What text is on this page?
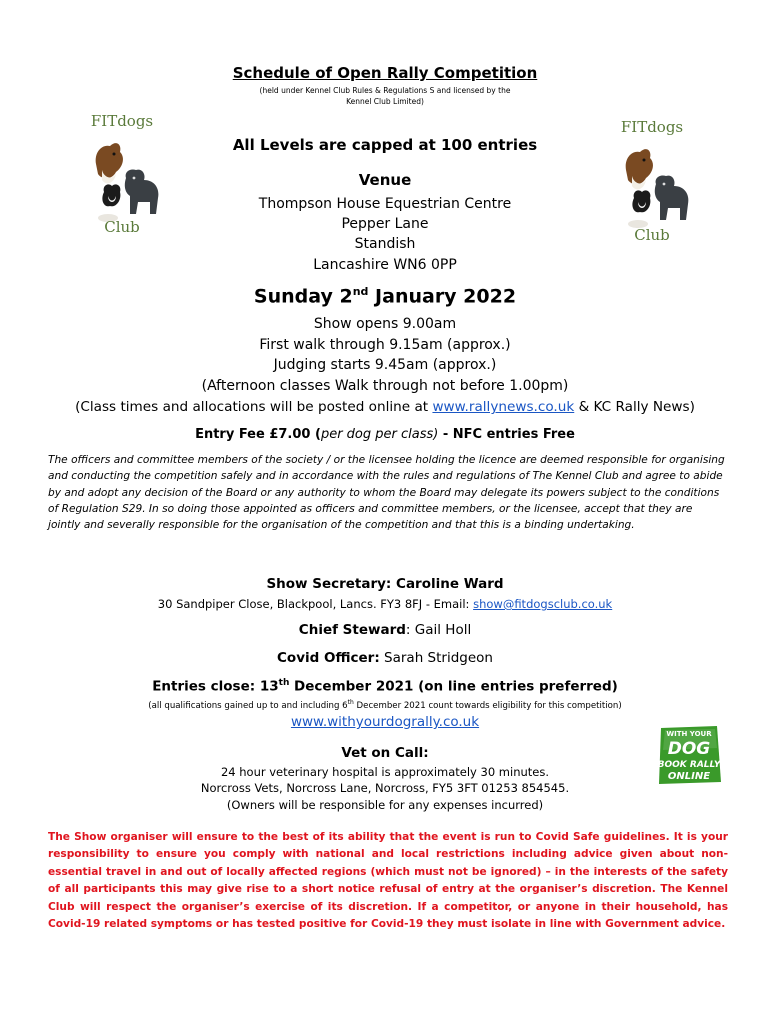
Schedule of Open Rally Competition
(held under Kennel Club Rules & Regulations S and licensed by the
Kennel Club Limited)
FITdogs
Club
FITdogs
Club
All Levels are capped at 100 entries
Venue
Thompson House Equestrian Centre
Pepper Lane
Standish
Lancashire WN6 0PP
Sunday 2nd January 2022
Show opens 9.00am
First walk through 9.15am (approx.)
Judging starts 9.45am (approx.)
(Afternoon classes Walk through not before 1.00pm)
(Class times and allocations will be posted online at www.rallynews.co.uk & KC Rally News)
Entry Fee £7.00 (per dog per class) - NFC entries Free
The officers and committee members of the society / or the licensee holding the licence are deemed responsible for organising and conducting the competition safely and in accordance with the rules and regulations of The Kennel Club and agree to abide by and adopt any decision of the Board or any authority to whom the Board may delegate its powers subject to the conditions of Regulation S29. In so doing those appointed as officers and committee members, or the licensee, accept that they are jointly and severally responsible for the organisation of the competition and that this is a binding undertaking.
Show Secretary: Caroline Ward
30 Sandpiper Close, Blackpool, Lancs. FY3 8FJ - Email: show@fitdogsclub.co.uk
Chief Steward: Gail Holl
Covid Officer: Sarah Stridgeon
Entries close: 13th December 2021 (on line entries preferred)
(all qualifications gained up to and including 6th December 2021 count towards eligibility for this competition)
www.withyourdogrally.co.uk
Vet on Call:
24 hour veterinary hospital is approximately 30 minutes.
Norcross Vets, Norcross Lane, Norcross, FY5 3FT 01253 854545.
(Owners will be responsible for any expenses incurred)
WITH YOUR
DOG
BOOK RALLY
ONLINE
The Show organiser will ensure to the best of its ability that the event is run to Covid Safe guidelines. It is your responsibility to ensure you comply with national and local restrictions including advice given about non-essential travel in and out of locally affected regions (which must not be ignored) – in the interests of the safety of all participants this may give rise to a short notice refusal of entry at the organiser’s discretion. The Kennel Club will respect the organiser’s exercise of its discretion. If a competitor, or anyone in their household, has Covid-19 related symptoms or has tested positive for Covid-19 they must isolate in line with Government advice.
